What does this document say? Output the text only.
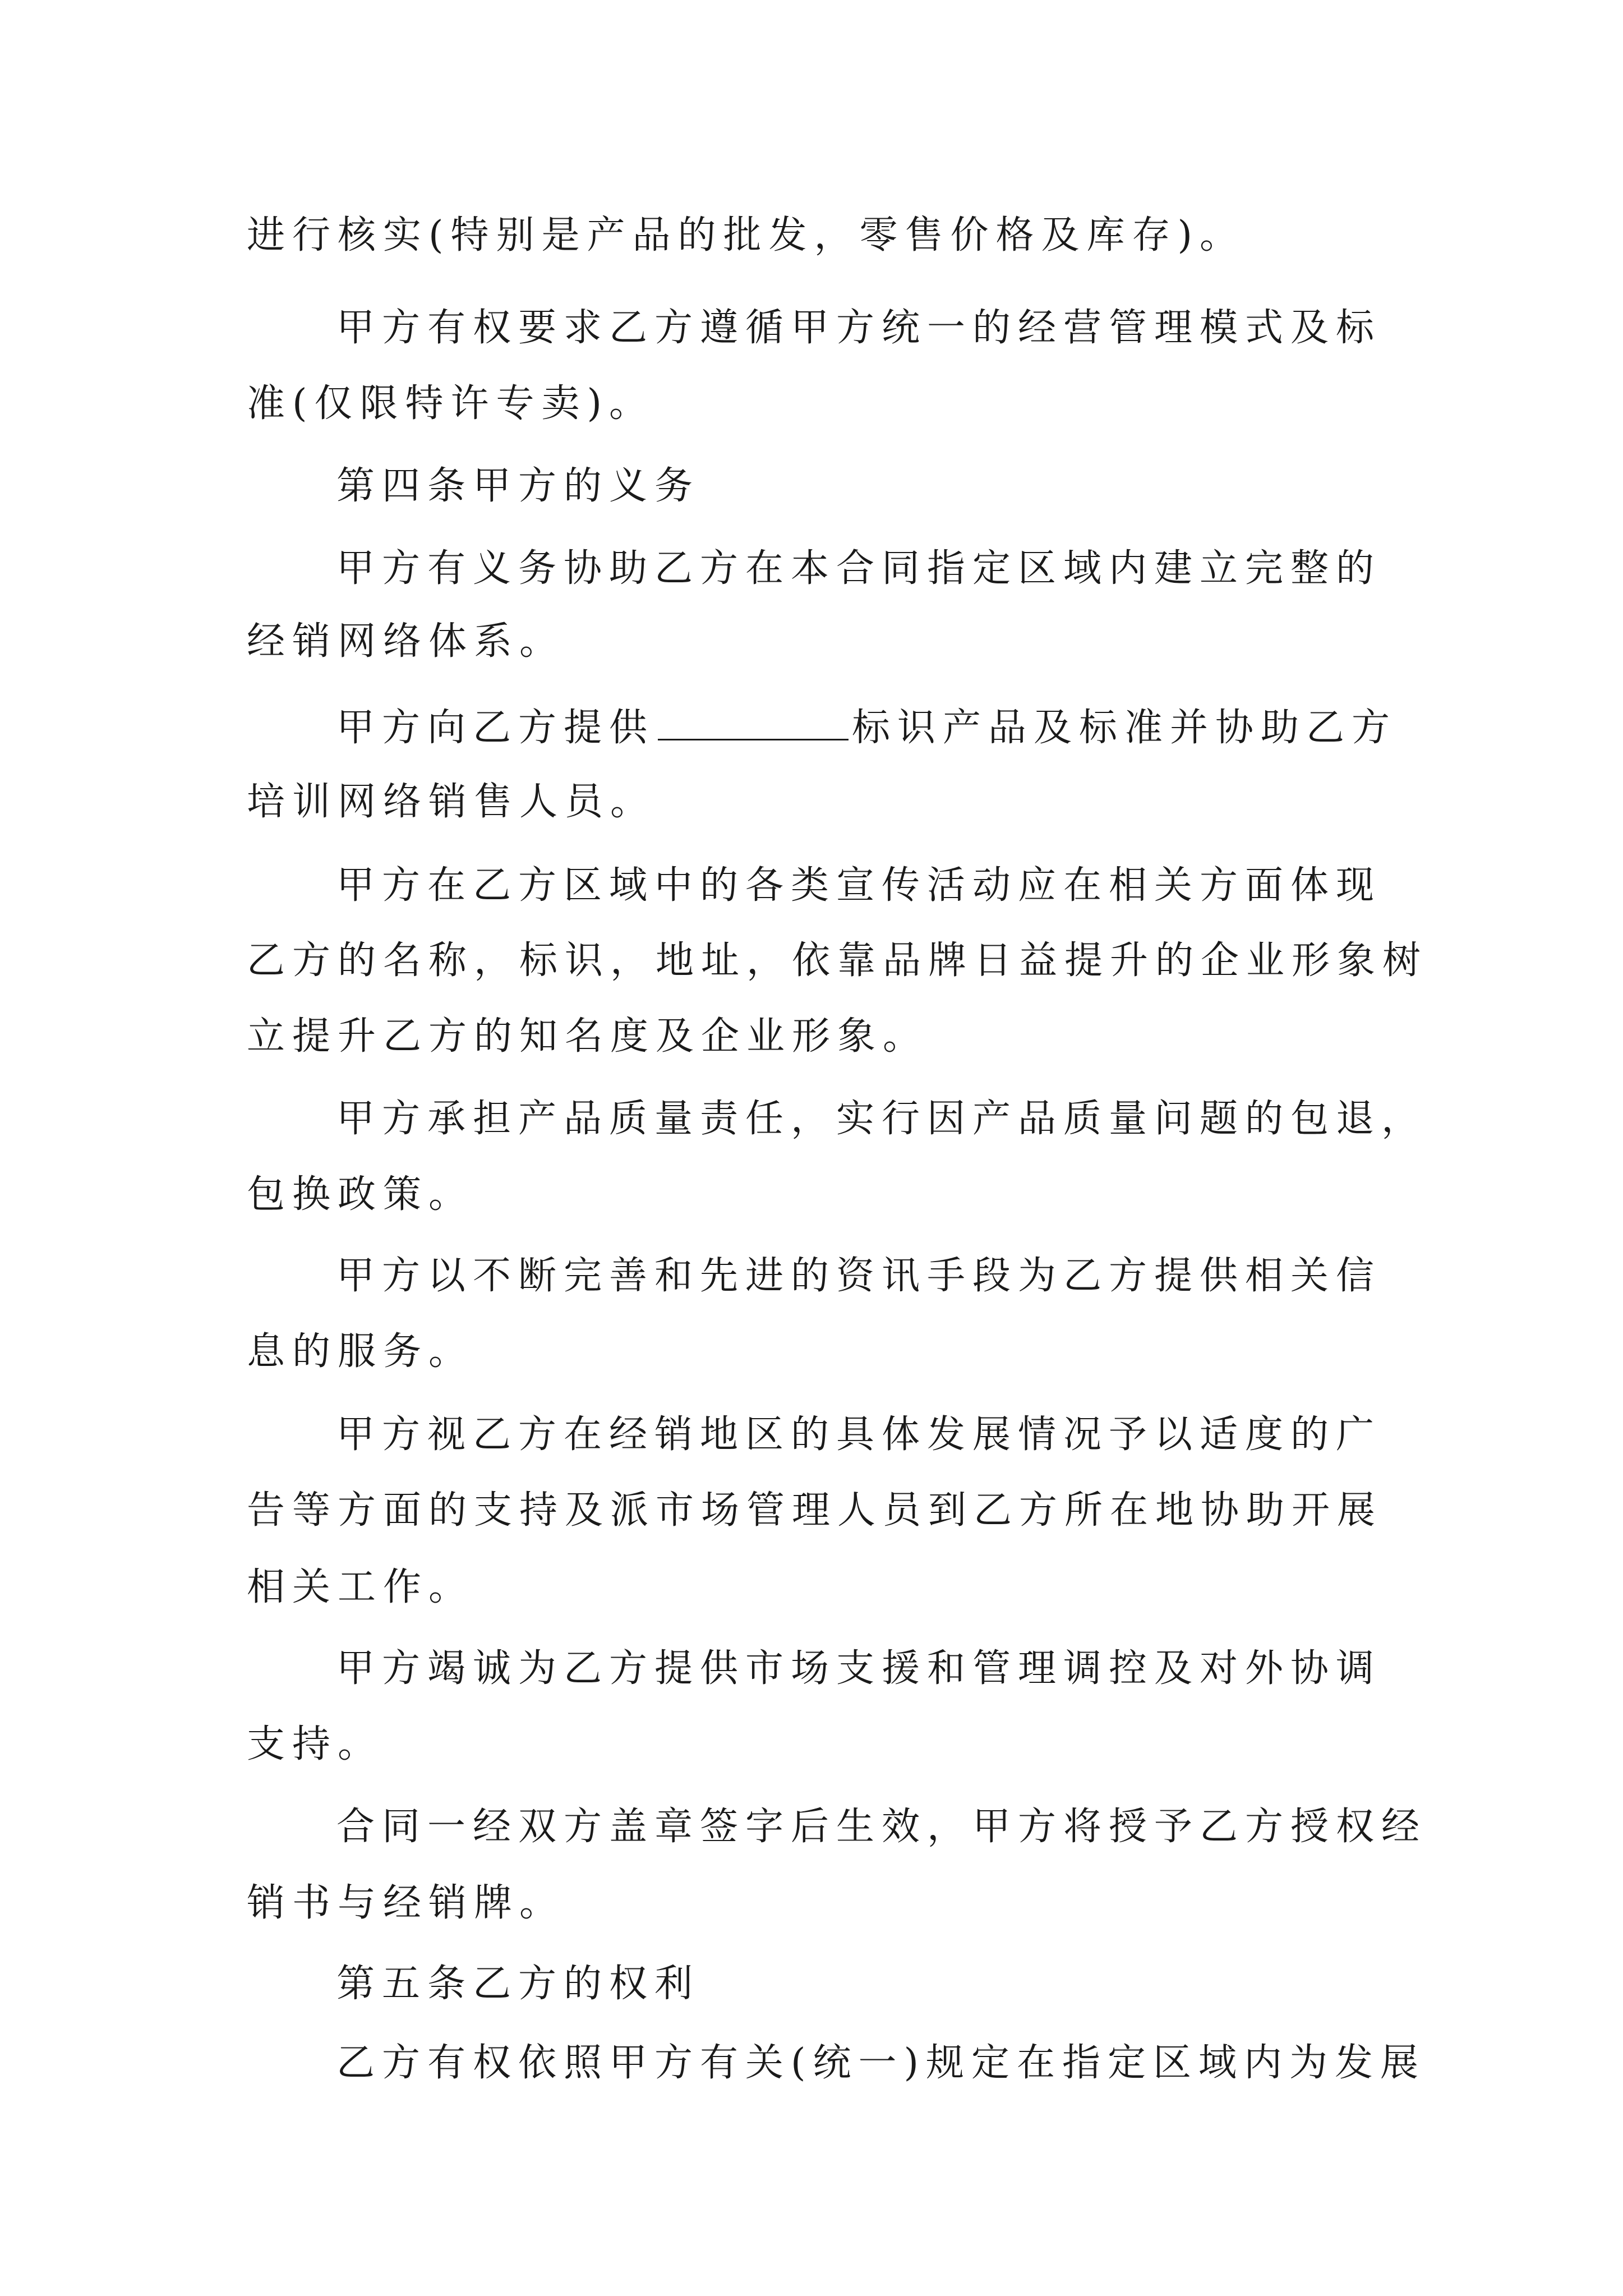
进行核实(特别是产品的批发，零售价格及库存)。
甲方有权要求乙方遵循甲方统一的经营管理模式及标
准(仅限特许专卖)。
第四条甲方的义务
甲方有义务协助乙方在本合同指定区域内建立完整的
经销网络体系。
甲方向乙方提供	标识产品及标准并协助乙方
培训网络销售人员。
甲方在乙方区域中的各类宣传活动应在相关方面体现
乙方的名称，标识，地址，依靠品牌日益提升的企业形象树
立提升乙方的知名度及企业形象。
甲方承担产品质量责任，实行因产品质量问题的包退，
包换政策。
甲方以不断完善和先进的资讯手段为乙方提供相关信
息的服务。
甲方视乙方在经销地区的具体发展情况予以适度的广
告等方面的支持及派市场管理人员到乙方所在地协助开展
相关工作。
甲方竭诚为乙方提供市场支援和管理调控及对外协调
支持。
合同一经双方盖章签字后生效，甲方将授予乙方授权经
销书与经销牌。
第五条乙方的权利
乙方有权依照甲方有关(统一)规定在指定区域内为发展
